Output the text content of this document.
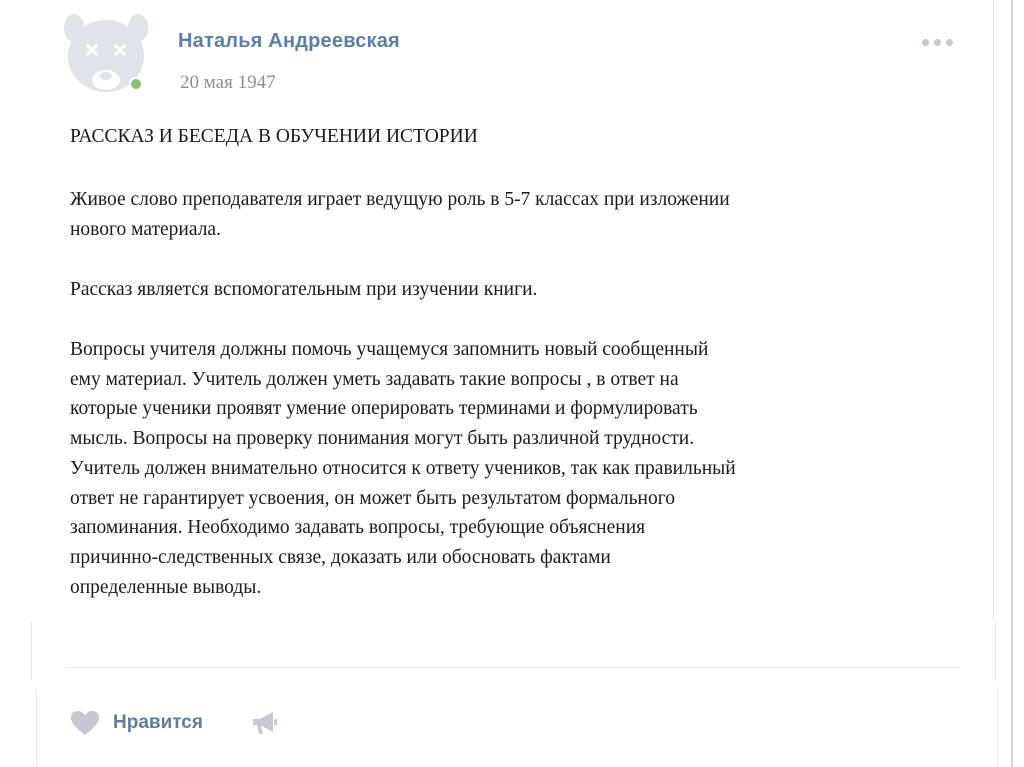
Наталья Андреевская
20 мая 1947
РАССКАЗ И БЕСЕДА В ОБУЧЕНИИ ИСТОРИИ
Живое слово преподавателя играет ведущую роль в 5-7 классах при изложении
нового материала.
Рассказ является вспомогательным при изучении книги.
Вопросы учителя должны помочь учащемуся запомнить новый сообщенный
ему материал. Учитель должен уметь задавать такие вопросы , в ответ на
которые ученики проявят умение оперировать терминами и формулировать
мысль. Вопросы на проверку понимания могут быть различной трудности.
Учитель должен внимательно относится к ответу учеников, так как правильный
ответ не гарантирует усвоения, он может быть результатом формального
запоминания. Необходимо задавать вопросы, требующие объяснения
причинно-следственных связе, доказать или обосновать фактами
определенные выводы.
Нравится
